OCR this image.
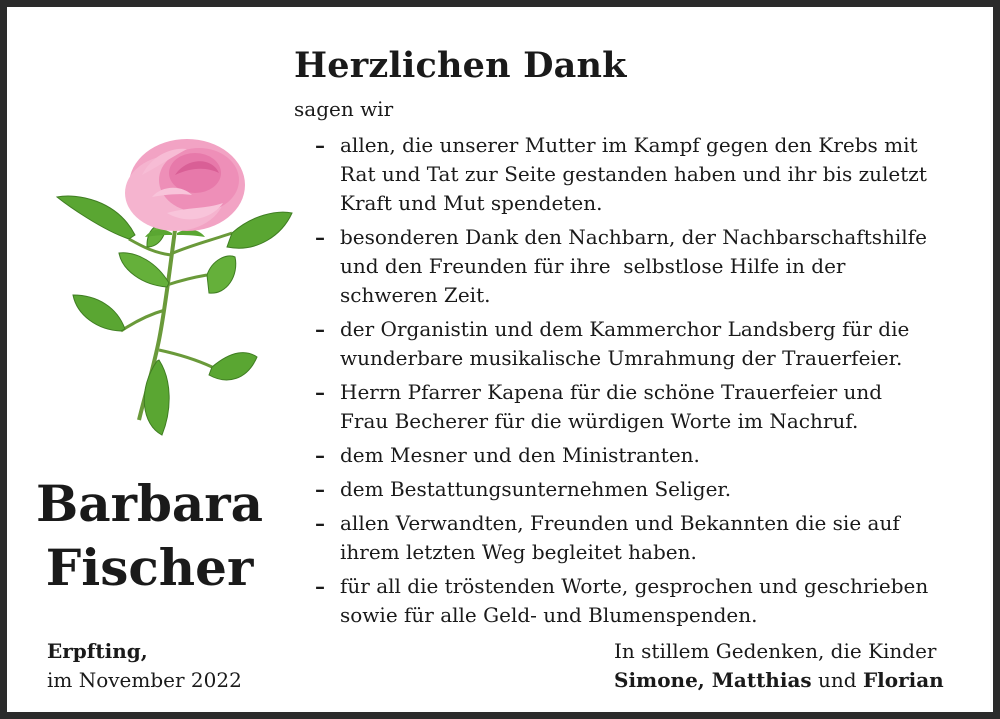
Herzlichen Dank
sagen wir
– allen, die unserer Mutter im Kampf gegen den Krebs mit
Rat und Tat zur Seite gestanden haben und ihr bis zuletzt
Kraft und Mut spendeten.
– besonderen Dank den Nachbarn, der Nachbarschaftshilfe
und den Freunden für ihre  selbstlose Hilfe in der
schweren Zeit.
– der Organistin und dem Kammerchor Landsberg für die
wunderbare musikalische Umrahmung der Trauerfeier.
– Herrn Pfarrer Kapena für die schöne Trauerfeier und
Frau Becherer für die würdigen Worte im Nachruf.
– dem Mesner und den Ministranten.
– dem Bestattungsunternehmen Seliger.
– allen Verwandten, Freunden und Bekannten die sie auf
ihrem letzten Weg begleitet haben.
– für all die tröstenden Worte, gesprochen und geschrieben
sowie für alle Geld- und Blumenspenden.
Barbara
Fischer
Erpfting,
im November 2022
In stillem Gedenken, die Kinder
Simone, Matthias und Florian
